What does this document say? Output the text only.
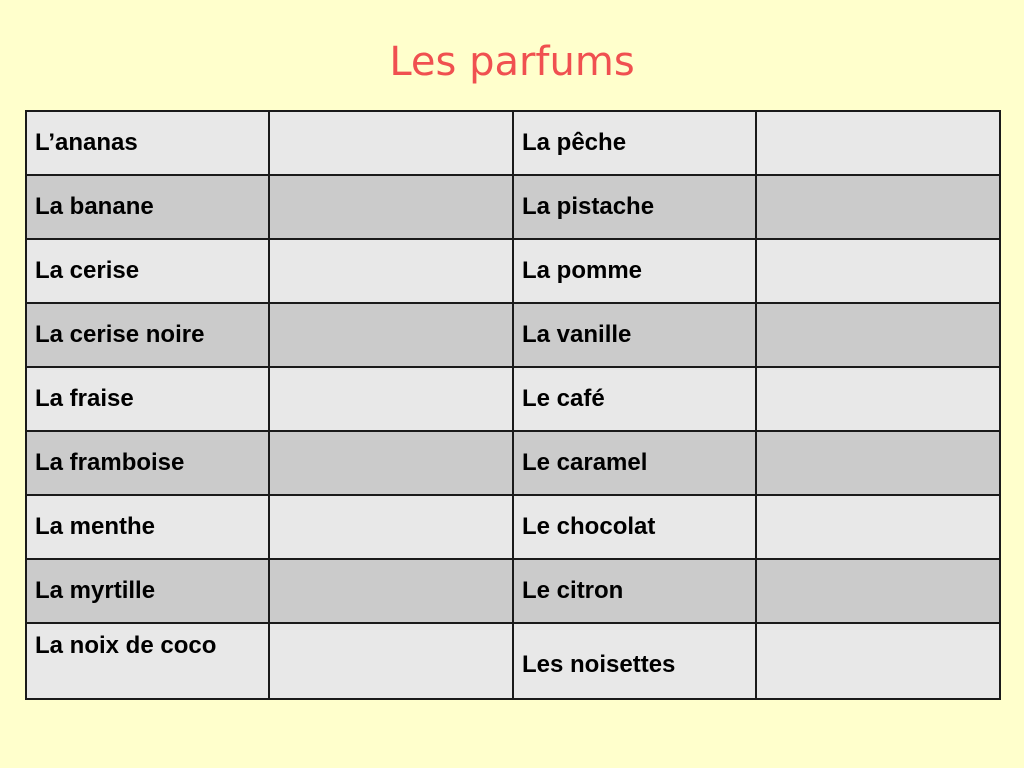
Les parfums
L’ananas		La pêche	
La banane		La pistache	
La cerise		La pomme	
La cerise noire		La vanille	
La fraise		Le café	
La framboise		Le caramel	
La menthe		Le chocolat	
La myrtille		Le citron	
La noix de coco		Les noisettes	
